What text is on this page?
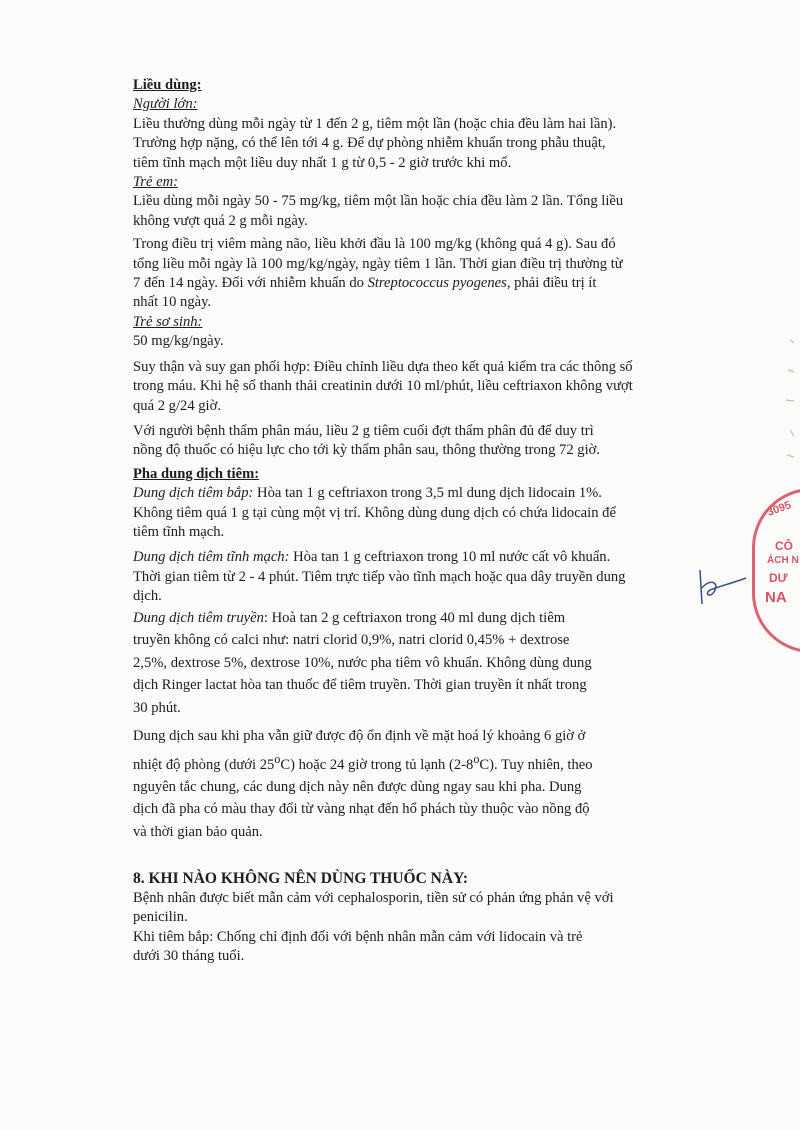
Liều dùng:

Người lớn:

Liều thường dùng mỗi ngày từ 1 đến 2 g, tiêm một lần (hoặc chia đều làm hai lần).

Trường hợp nặng, có thể lên tới 4 g. Để dự phòng nhiễm khuẩn trong phẫu thuật,

tiêm tĩnh mạch một liều duy nhất 1 g từ 0,5 - 2 giờ trước khi mổ.

Trẻ em:

Liều dùng mỗi ngày 50 - 75 mg/kg, tiêm một lần hoặc chia đều làm 2 lần. Tổng liều

không vượt quá 2 g mỗi ngày.

Trong điều trị viêm màng não, liều khởi đầu là 100 mg/kg (không quá 4 g). Sau đó

tổng liều mỗi ngày là 100 mg/kg/ngày, ngày tiêm 1 lần. Thời gian điều trị thường từ

7 đến 14 ngày. Đối với nhiễm khuẩn do Streptococcus pyogenes, phải điều trị ít

nhất 10 ngày.

Trẻ sơ sinh:

50 mg/kg/ngày.

Suy thận và suy gan phối hợp: Điều chỉnh liều dựa theo kết quả kiểm tra các thông số

trong máu. Khi hệ số thanh thải creatinin dưới 10 ml/phút, liều ceftriaxon không vượt

quá 2 g/24 giờ.

Với người bệnh thẩm phân máu, liều 2 g tiêm cuối đợt thẩm phân đủ để duy trì

nồng độ thuốc có hiệu lực cho tới kỳ thẩm phân sau, thông thường trong 72 giờ.

Pha dung dịch tiêm:

Dung dịch tiêm bắp: Hòa tan 1 g ceftriaxon trong 3,5 ml dung dịch lidocain 1%.

Không tiêm quá 1 g tại cùng một vị trí. Không dùng dung dịch có chứa lidocain để

tiêm tĩnh mạch.

Dung dịch tiêm tĩnh mạch: Hòa tan 1 g ceftriaxon trong 10 ml nước cất vô khuẩn.

Thời gian tiêm từ 2 - 4 phút. Tiêm trực tiếp vào tĩnh mạch hoặc qua dây truyền dung

dịch.

Dung dịch tiêm truyền: Hoà tan 2 g ceftriaxon trong 40 ml dung dịch tiêm

truyền không có calci như: natri clorid 0,9%, natri clorid 0,45% + dextrose

2,5%, dextrose 5%, dextrose 10%, nước pha tiêm vô khuẩn. Không dùng dung

dịch Ringer lactat hòa tan thuốc để tiêm truyền. Thời gian truyền ít nhất trong

30 phút.

Dung dịch sau khi pha vẫn giữ được độ ổn định về mặt hoá lý khoảng 6 giờ ở

nhiệt độ phòng (dưới 25$^o$C) hoặc 24 giờ trong tủ lạnh (2-8$^o$C). Tuy nhiên, theo

nguyên tắc chung, các dung dịch này nên được dùng ngay sau khi pha. Dung

dịch đã pha có màu thay đổi từ vàng nhạt đến hổ phách tùy thuộc vào nồng độ

và thời gian bảo quản.

8. KHI NÀO KHÔNG NÊN DÙNG THUỐC NÀY:

Bệnh nhân được biết mẫn cảm với cephalosporin, tiền sử có phản ứng phản vệ với

penicilin.

Khi tiêm bắp: Chống chỉ định đối với bệnh nhân mẫn cảm với lidocain và trẻ

dưới 30 tháng tuổi.

3095
CÔ
ÁCH N
DƯ
NA
